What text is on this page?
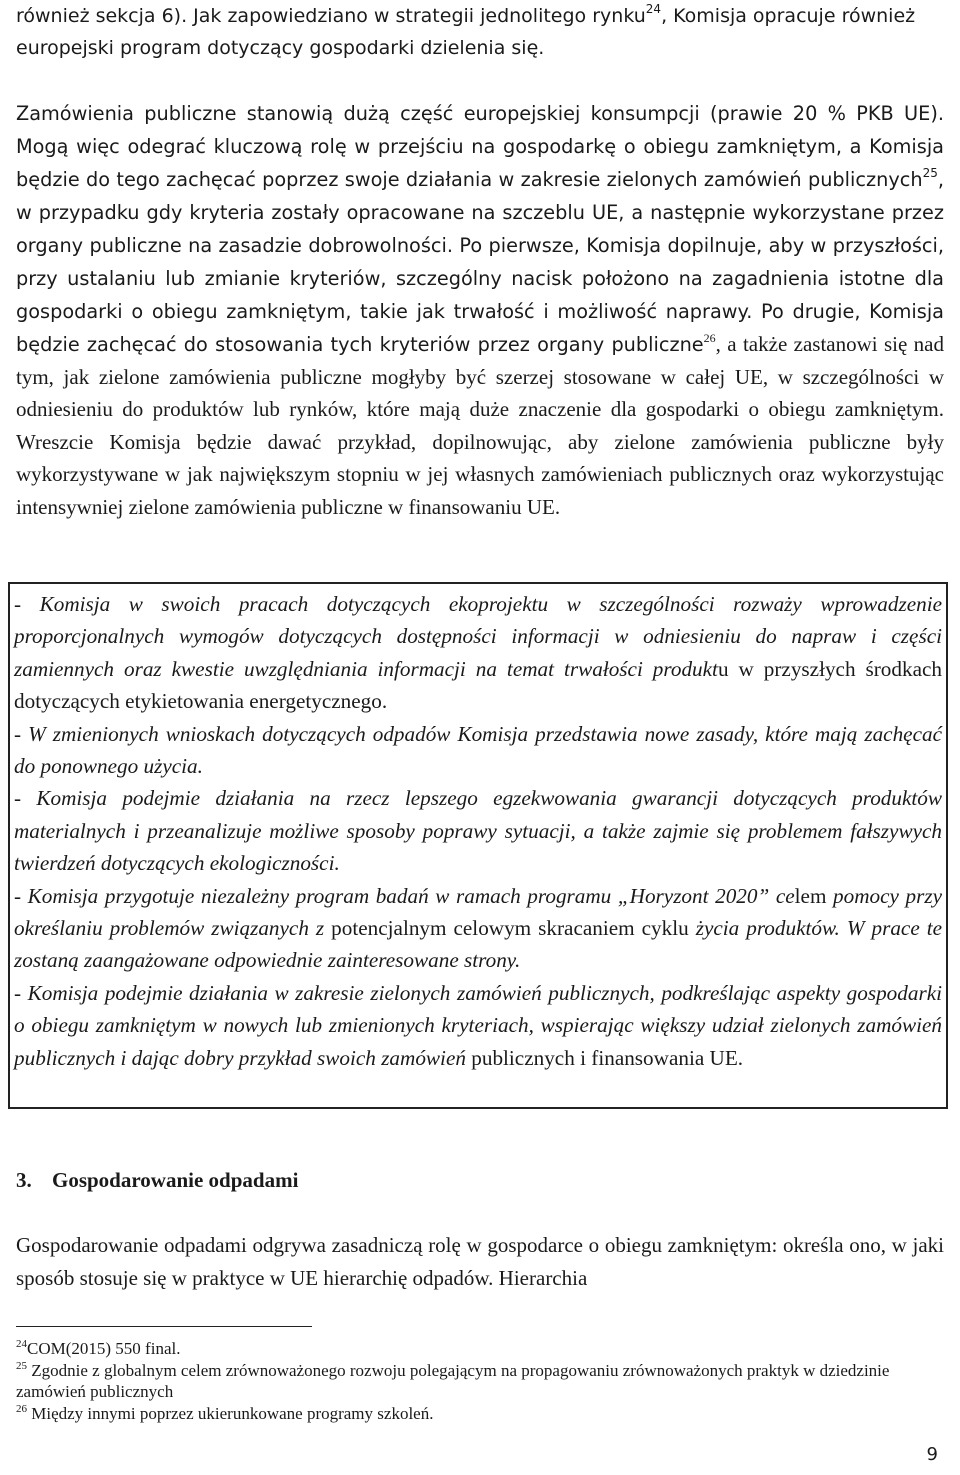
również sekcja 6). Jak zapowiedziano w strategii jednolitego rynku$^{24}$, Komisja opracuje również europejski program dotyczący gospodarki dzielenia się.

Zamówienia publiczne stanowią dużą część europejskiej konsumpcji (prawie 20 % PKB UE). Mogą więc odegrać kluczową rolę w przejściu na gospodarkę o obiegu zamkniętym, a Komisja będzie do tego zachęcać poprzez swoje działania w zakresie zielonych zamówień publicznych$^{25}$, w przypadku gdy kryteria zostały opracowane na szczeblu UE, a następnie wykorzystane przez organy publiczne na zasadzie dobrowolności. Po pierwsze, Komisja dopilnuje, aby w przyszłości, przy ustalaniu lub zmianie kryteriów, szczególny nacisk położono na zagadnienia istotne dla gospodarki o obiegu zamkniętym, takie jak trwałość i możliwość naprawy. Po drugie, Komisja będzie zachęcać do stosowania tych kryteriów przez organy publiczne$^{26}$, a także zastanowi się nad tym, jak zielone zamówienia publiczne mogłyby być szerzej stosowane w całej UE, w szczególności w odniesieniu do produktów lub rynków, które mają duże znaczenie dla gospodarki o obiegu zamkniętym. Wreszcie Komisja będzie dawać przykład, dopilnowując, aby zielone zamówienia publiczne były wykorzystywane w jak największym stopniu w jej własnych zamówieniach publicznych oraz wykorzystując intensywniej zielone zamówienia publiczne w finansowaniu UE.

- Komisja w swoich pracach dotyczących ekoprojektu w szczególności rozważy wprowadzenie proporcjonalnych wymogów dotyczących dostępności informacji w odniesieniu do napraw i części zamiennych oraz kwestie uwzględniania informacji na temat trwałości produktu w przyszłych środkach dotyczących etykietowania energetycznego.

- W zmienionych wnioskach dotyczących odpadów Komisja przedstawia nowe zasady, które mają zachęcać do ponownego użycia.

- Komisja podejmie działania na rzecz lepszego egzekwowania gwarancji dotyczących produktów materialnych i przeanalizuje możliwe sposoby poprawy sytuacji, a także zajmie się problemem fałszywych twierdzeń dotyczących ekologiczności.

- Komisja przygotuje niezależny program badań w ramach programu „Horyzont 2020” celem pomocy przy określaniu problemów związanych z potencjalnym celowym skracaniem cyklu życia produktów. W prace te zostaną zaangażowane odpowiednie zainteresowane strony.

- Komisja podejmie działania w zakresie zielonych zamówień publicznych, podkreślając aspekty gospodarki o obiegu zamkniętym w nowych lub zmienionych kryteriach, wspierając większy udział zielonych zamówień publicznych i dając dobry przykład swoich zamówień publicznych i finansowania UE.

3. Gospodarowanie odpadami

Gospodarowanie odpadami odgrywa zasadniczą rolę w gospodarce o obiegu zamkniętym: określa ono, w jaki sposób stosuje się w praktyce w UE hierarchię odpadów. Hierarchia

$^{24}$COM(2015) 550 final.

$^{25}$ Zgodnie z globalnym celem zrównoważonego rozwoju polegającym na propagowaniu zrównoważonych praktyk w dziedzinie zamówień publicznych

$^{26}$ Między innymi poprzez ukierunkowane programy szkoleń.

9
